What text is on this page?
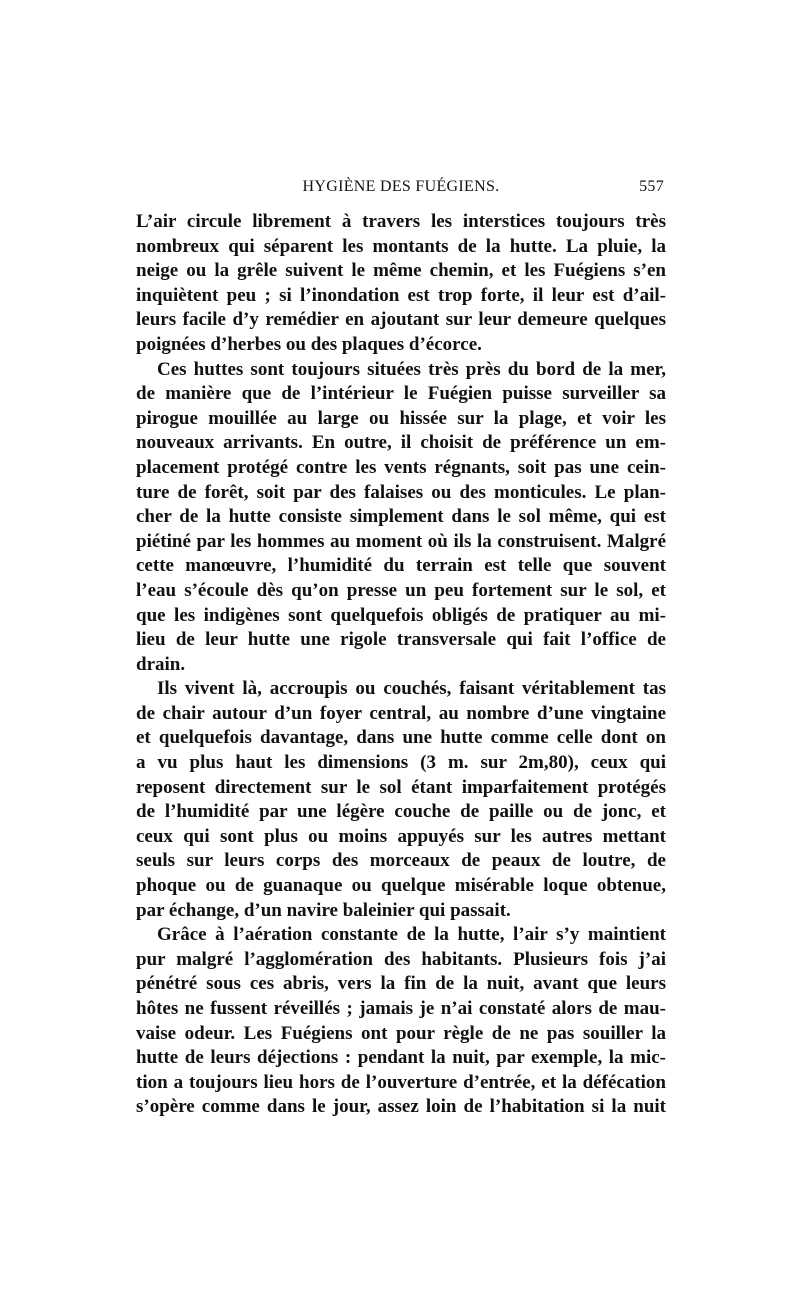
HYGIÈNE DES FUÉGIENS.	557
L’air circule librement à travers les interstices toujours très
nombreux qui séparent les montants de la hutte. La pluie, la
neige ou la grêle suivent le même chemin, et les Fuégiens s’en
inquiètent peu ; si l’inondation est trop forte, il leur est d’ail-
leurs facile d’y remédier en ajoutant sur leur demeure quelques
poignées d’herbes ou des plaques d’écorce.
Ces huttes sont toujours situées très près du bord de la mer,
de manière que de l’intérieur le Fuégien puisse surveiller sa
pirogue mouillée au large ou hissée sur la plage, et voir les
nouveaux arrivants. En outre, il choisit de préférence un em-
placement protégé contre les vents régnants, soit pas une cein-
ture de forêt, soit par des falaises ou des monticules. Le plan-
cher de la hutte consiste simplement dans le sol même, qui est
piétiné par les hommes au moment où ils la construisent. Malgré
cette manœuvre, l’humidité du terrain est telle que souvent
l’eau s’écoule dès qu’on presse un peu fortement sur le sol, et
que les indigènes sont quelquefois obligés de pratiquer au mi-
lieu de leur hutte une rigole transversale qui fait l’office de
drain.
Ils vivent là, accroupis ou couchés, faisant véritablement tas
de chair autour d’un foyer central, au nombre d’une vingtaine
et quelquefois davantage, dans une hutte comme celle dont on
a vu plus haut les dimensions (3 m. sur 2m,80), ceux qui
reposent directement sur le sol étant imparfaitement protégés
de l’humidité par une légère couche de paille ou de jonc, et
ceux qui sont plus ou moins appuyés sur les autres mettant
seuls sur leurs corps des morceaux de peaux de loutre, de
phoque ou de guanaque ou quelque misérable loque obtenue,
par échange, d’un navire baleinier qui passait.
Grâce à l’aération constante de la hutte, l’air s’y maintient
pur malgré l’agglomération des habitants. Plusieurs fois j’ai
pénétré sous ces abris, vers la fin de la nuit, avant que leurs
hôtes ne fussent réveillés ; jamais je n’ai constaté alors de mau-
vaise odeur. Les Fuégiens ont pour règle de ne pas souiller la
hutte de leurs déjections : pendant la nuit, par exemple, la mic-
tion a toujours lieu hors de l’ouverture d’entrée, et la défécation
s’opère comme dans le jour, assez loin de l’habitation si la nuit
